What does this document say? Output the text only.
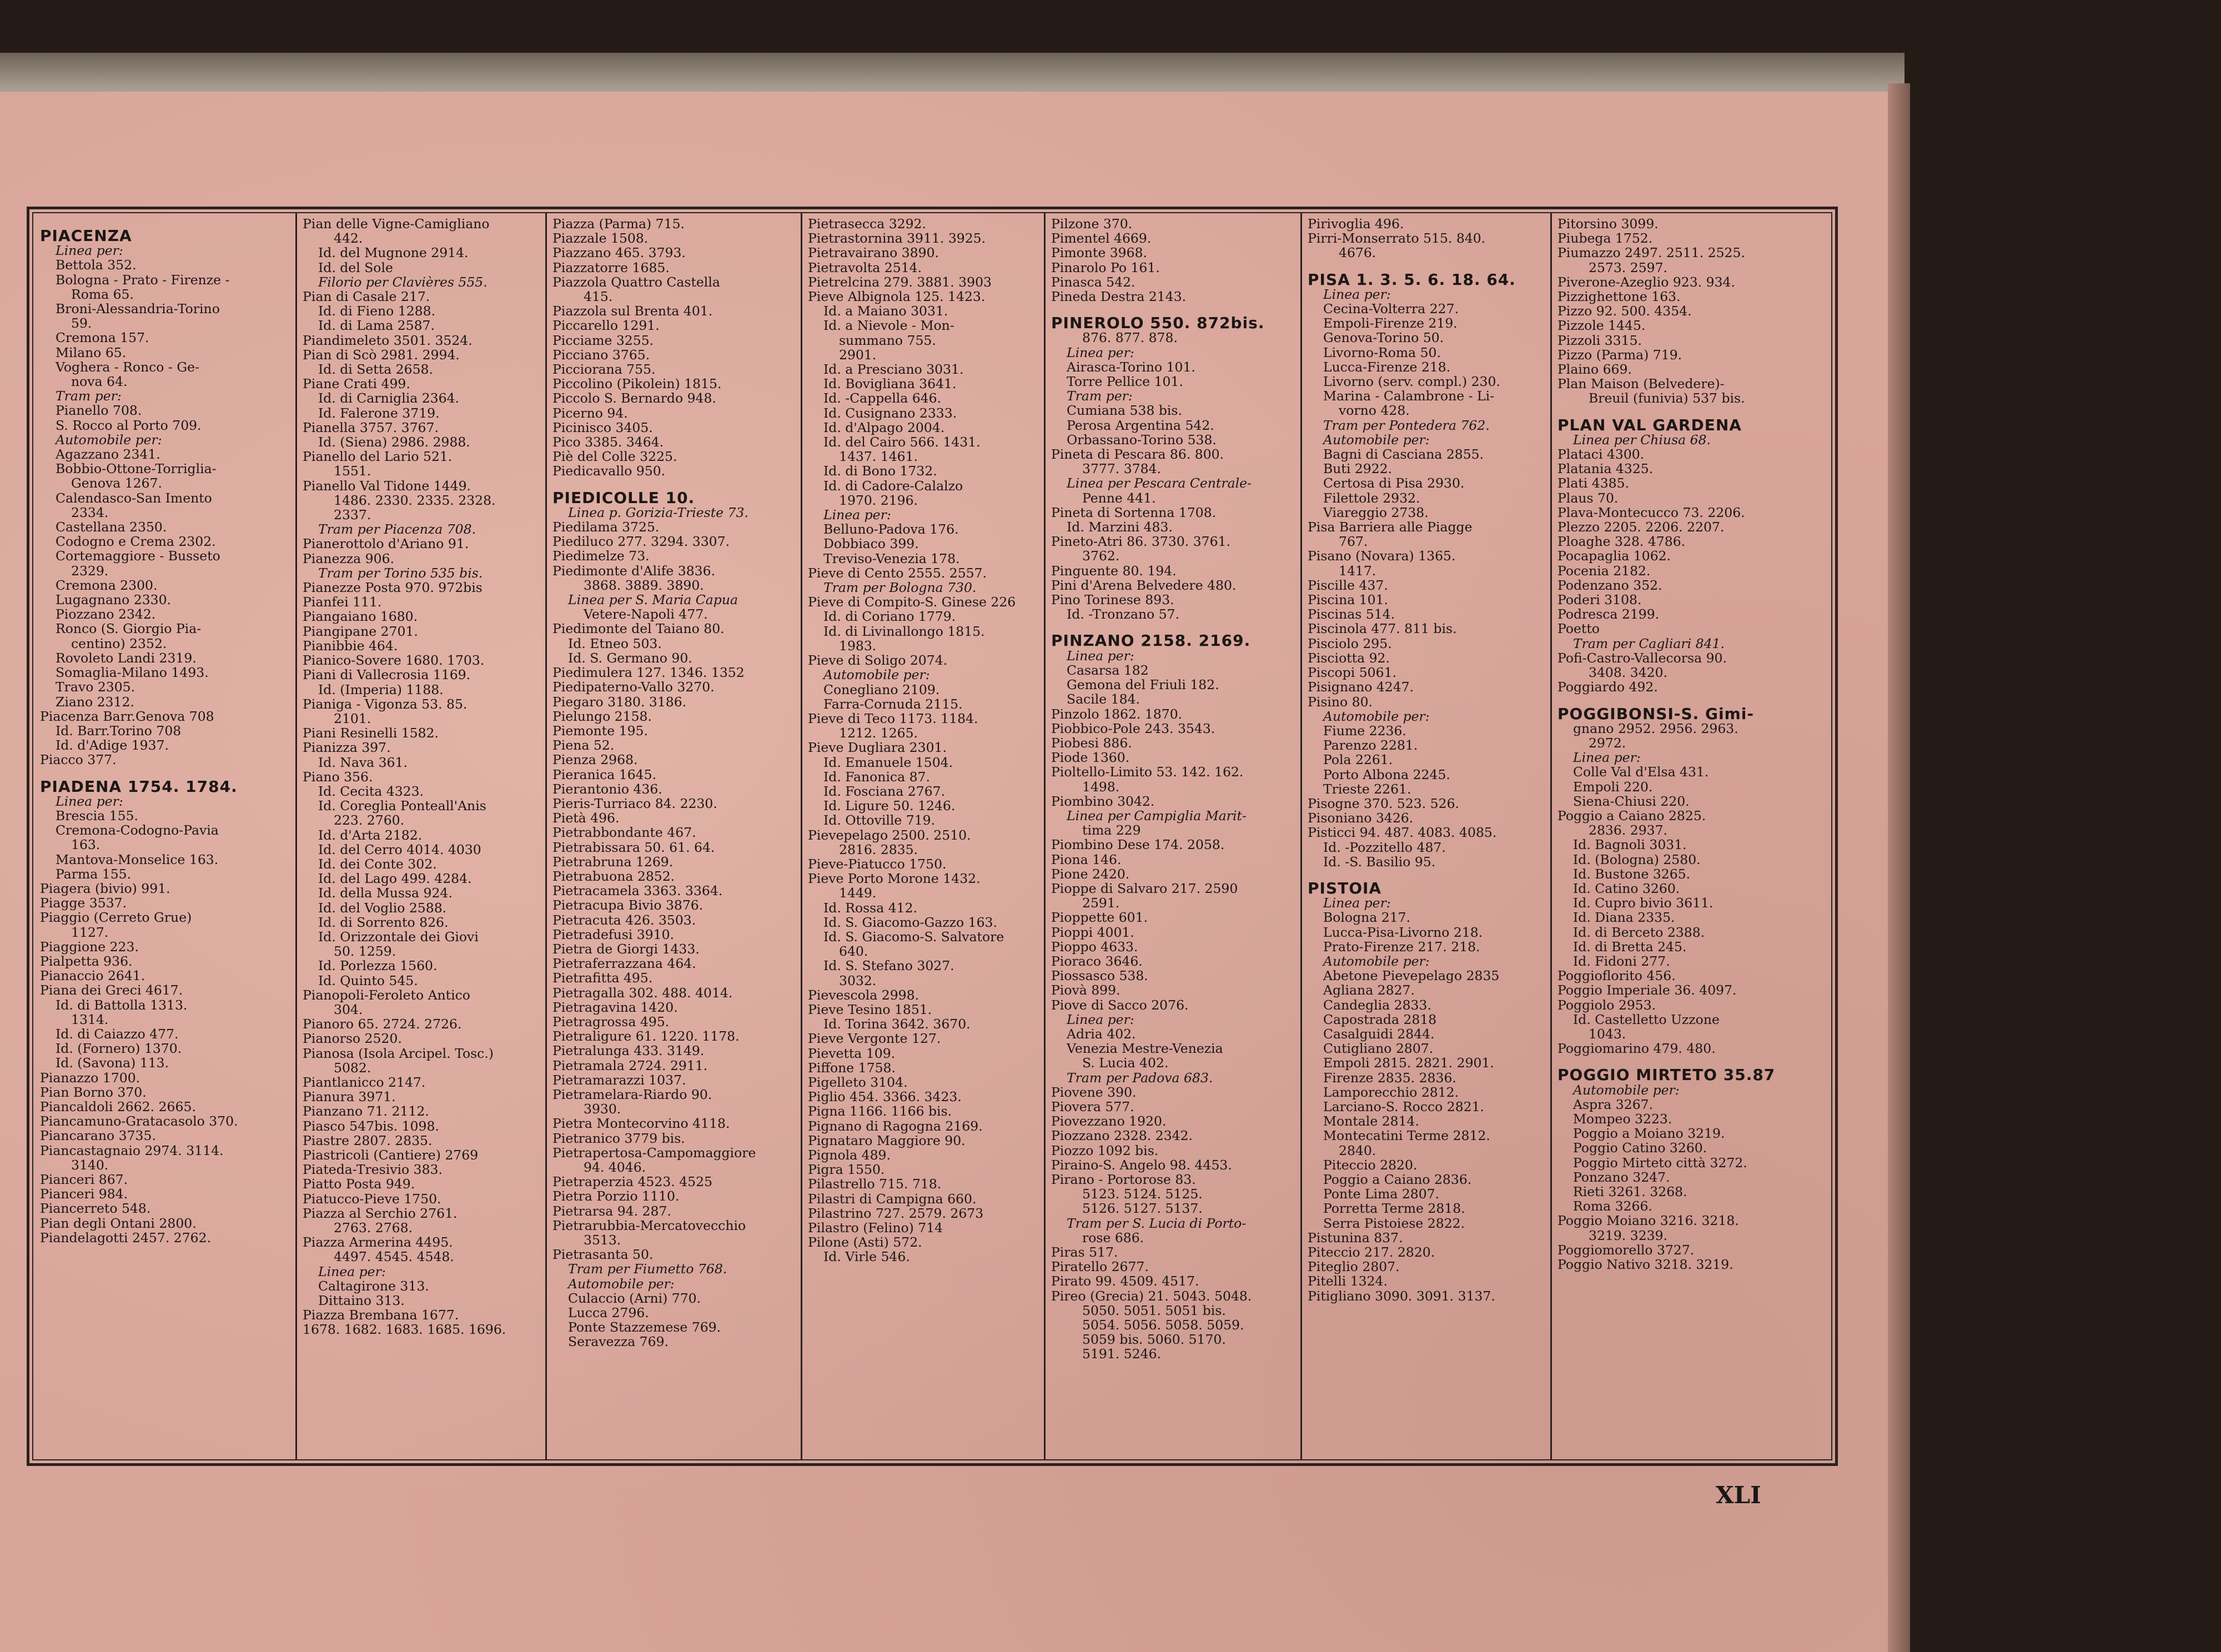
PIACENZA
Linea per:
Bettola 352.
Bologna - Prato - Firenze -
Roma 65.
Broni-Alessandria-Torino
59.
Cremona 157.
Milano 65.
Voghera - Ronco - Ge-
nova 64.
Tram per:
Pianello 708.
S. Rocco al Porto 709.
Automobile per:
Agazzano 2341.
Bobbio-Ottone-Torriglia-
Genova 1267.
Calendasco-San Imento
2334.
Castellana 2350.
Codogno e Crema 2302.
Cortemaggiore - Busseto
2329.
Cremona 2300.
Lugagnano 2330.
Piozzano 2342.
Ronco (S. Giorgio Pia-
centino) 2352.
Rovoleto Landi 2319.
Somaglia-Milano 1493.
Travo 2305.
Ziano 2312.
Piacenza Barr.Genova 708
Id. Barr.Torino 708
Id. d'Adige 1937.
Piacco 377.
PIADENA 1754. 1784.
Linea per:
Brescia 155.
Cremona-Codogno-Pavia
163.
Mantova-Monselice 163.
Parma 155.
Piagera (bivio) 991.
Piagge 3537.
Piaggio (Cerreto Grue)
1127.
Piaggione 223.
Pialpetta 936.
Pianaccio 2641.
Piana dei Greci 4617.
Id. di Battolla 1313.
1314.
Id. di Caiazzo 477.
Id. (Fornero) 1370.
Id. (Savona) 113.
Pianazzo 1700.
Pian Borno 370.
Piancaldoli 2662. 2665.
Piancamuno-Gratacasolo 370.
Piancarano 3735.
Piancastagnaio 2974. 3114.
3140.
Pianceri 867.
Pianceri 984.
Piancerreto 548.
Pian degli Ontani 2800.
Piandelagotti 2457. 2762.
Pian delle Vigne-Camigliano
442.
Id. del Mugnone 2914.
Id. del Sole
Filorio per Clavières 555.
Pian di Casale 217.
Id. di Fieno 1288.
Id. di Lama 2587.
Piandimeleto 3501. 3524.
Pian di Scò 2981. 2994.
Id. di Setta 2658.
Piane Crati 499.
Id. di Carniglia 2364.
Id. Falerone 3719.
Pianella 3757. 3767.
Id. (Siena) 2986. 2988.
Pianello del Lario 521.
1551.
Pianello Val Tidone 1449.
1486. 2330. 2335. 2328.
2337.
Tram per Piacenza 708.
Pianerottolo d'Ariano 91.
Pianezza 906.
Tram per Torino 535 bis.
Pianezze Posta 970. 972bis
Pianfei 111.
Piangaiano 1680.
Piangipane 2701.
Pianibbie 464.
Pianico-Sovere 1680. 1703.
Piani di Vallecrosia 1169.
Id. (Imperia) 1188.
Pianiga - Vigonza 53. 85.
2101.
Piani Resinelli 1582.
Pianizza 397.
Id. Nava 361.
Piano 356.
Id. Cecita 4323.
Id. Coreglia Ponteall'Anis
223. 2760.
Id. d'Arta 2182.
Id. del Cerro 4014. 4030
Id. dei Conte 302.
Id. del Lago 499. 4284.
Id. della Mussa 924.
Id. del Voglio 2588.
Id. di Sorrento 826.
Id. Orizzontale dei Giovi
50. 1259.
Id. Porlezza 1560.
Id. Quinto 545.
Pianopoli-Feroleto Antico
304.
Pianoro 65. 2724. 2726.
Pianorso 2520.
Pianosa (Isola Arcipel. Tosc.)
5082.
Piantlanicco 2147.
Pianura 3971.
Pianzano 71. 2112.
Piasco 547bis. 1098.
Piastre 2807. 2835.
Piastricoli (Cantiere) 2769
Piateda-Tresivio 383.
Piatto Posta 949.
Piatucco-Pieve 1750.
Piazza al Serchio 2761.
2763. 2768.
Piazza Armerina 4495.
4497. 4545. 4548.
Linea per:
Caltagirone 313.
Dittaino 313.
Piazza Brembana 1677.
1678. 1682. 1683. 1685. 1696.
Piazza (Parma) 715.
Piazzale 1508.
Piazzano 465. 3793.
Piazzatorre 1685.
Piazzola Quattro Castella
415.
Piazzola sul Brenta 401.
Piccarello 1291.
Picciame 3255.
Picciano 3765.
Picciorana 755.
Piccolino (Pikolein) 1815.
Piccolo S. Bernardo 948.
Picerno 94.
Picinisco 3405.
Pico 3385. 3464.
Piè del Colle 3225.
Piedicavallo 950.
PIEDICOLLE 10.
Linea p. Gorizia-Trieste 73.
Piedilama 3725.
Piediluco 277. 3294. 3307.
Piedimelze 73.
Piedimonte d'Alife 3836.
3868. 3889. 3890.
Linea per S. Maria Capua
Vetere-Napoli 477.
Piedimonte del Taiano 80.
Id. Etneo 503.
Id. S. Germano 90.
Piedimulera 127. 1346. 1352
Piedipaterno-Vallo 3270.
Piegaro 3180. 3186.
Pielungo 2158.
Piemonte 195.
Piena 52.
Pienza 2968.
Pieranica 1645.
Pierantonio 436.
Pieris-Turriaco 84. 2230.
Pietà 496.
Pietrabbondante 467.
Pietrabissara 50. 61. 64.
Pietrabruna 1269.
Pietrabuona 2852.
Pietracamela 3363. 3364.
Pietracupa Bivio 3876.
Pietracuta 426. 3503.
Pietradefusi 3910.
Pietra de Giorgi 1433.
Pietraferrazzana 464.
Pietrafitta 495.
Pietragalla 302. 488. 4014.
Pietragavina 1420.
Pietragrossa 495.
Pietraligure 61. 1220. 1178.
Pietralunga 433. 3149.
Pietramala 2724. 2911.
Pietramarazzi 1037.
Pietramelara-Riardo 90.
3930.
Pietra Montecorvino 4118.
Pietranico 3779 bis.
Pietrapertosa-Campomaggiore
94. 4046.
Pietraperzia 4523. 4525
Pietra Porzio 1110.
Pietrarsa 94. 287.
Pietrarubbia-Mercatovecchio
3513.
Pietrasanta 50.
Tram per Fiumetto 768.
Automobile per:
Culaccio (Arni) 770.
Lucca 2796.
Ponte Stazzemese 769.
Seravezza 769.
Pietrasecca 3292.
Pietrastornina 3911. 3925.
Pietravairano 3890.
Pietravolta 2514.
Pietrelcina 279. 3881. 3903
Pieve Albignola 125. 1423.
Id. a Maiano 3031.
Id. a Nievole - Mon-
summano 755.
2901.
Id. a Presciano 3031.
Id. Bovigliana 3641.
Id. -Cappella 646.
Id. Cusignano 2333.
Id. d'Alpago 2004.
Id. del Cairo 566. 1431.
1437. 1461.
Id. di Bono 1732.
Id. di Cadore-Calalzo
1970. 2196.
Linea per:
Belluno-Padova 176.
Dobbiaco 399.
Treviso-Venezia 178.
Pieve di Cento 2555. 2557.
Tram per Bologna 730.
Pieve di Compito-S. Ginese 226
Id. di Coriano 1779.
Id. di Livinallongo 1815.
1983.
Pieve di Soligo 2074.
Automobile per:
Conegliano 2109.
Farra-Cornuda 2115.
Pieve di Teco 1173. 1184.
1212. 1265.
Pieve Dugliara 2301.
Id. Emanuele 1504.
Id. Fanonica 87.
Id. Fosciana 2767.
Id. Ligure 50. 1246.
Id. Ottoville 719.
Pievepelago 2500. 2510.
2816. 2835.
Pieve-Piatucco 1750.
Pieve Porto Morone 1432.
1449.
Id. Rossa 412.
Id. S. Giacomo-Gazzo 163.
Id. S. Giacomo-S. Salvatore
640.
Id. S. Stefano 3027.
3032.
Pievescola 2998.
Pieve Tesino 1851.
Id. Torina 3642. 3670.
Pieve Vergonte 127.
Pievetta 109.
Piffone 1758.
Pigelleto 3104.
Piglio 454. 3366. 3423.
Pigna 1166. 1166 bis.
Pignano di Ragogna 2169.
Pignataro Maggiore 90.
Pignola 489.
Pigra 1550.
Pilastrello 715. 718.
Pilastri di Campigna 660.
Pilastrino 727. 2579. 2673
Pilastro (Felino) 714
Pilone (Asti) 572.
Id. Virle 546.
Pilzone 370.
Pimentel 4669.
Pimonte 3968.
Pinarolo Po 161.
Pinasca 542.
Pineda Destra 2143.
PINEROLO 550. 872bis.
876. 877. 878.
Linea per:
Airasca-Torino 101.
Torre Pellice 101.
Tram per:
Cumiana 538 bis.
Perosa Argentina 542.
Orbassano-Torino 538.
Pineta di Pescara 86. 800.
3777. 3784.
Linea per Pescara Centrale-
Penne 441.
Pineta di Sortenna 1708.
Id. Marzini 483.
Pineto-Atri 86. 3730. 3761.
3762.
Pinguente 80. 194.
Pini d'Arena Belvedere 480.
Pino Torinese 893.
Id. -Tronzano 57.
PINZANO 2158. 2169.
Linea per:
Casarsa 182
Gemona del Friuli 182.
Sacile 184.
Pinzolo 1862. 1870.
Piobbico-Pole 243. 3543.
Piobesi 886.
Piode 1360.
Pioltello-Limito 53. 142. 162.
1498.
Piombino 3042.
Linea per Campiglia Marit-
tima 229
Piombino Dese 174. 2058.
Piona 146.
Pione 2420.
Pioppe di Salvaro 217. 2590
2591.
Pioppette 601.
Pioppi 4001.
Pioppo 4633.
Pioraco 3646.
Piossasco 538.
Piovà 899.
Piove di Sacco 2076.
Linea per:
Adria 402.
Venezia Mestre-Venezia
S. Lucia 402.
Tram per Padova 683.
Piovene 390.
Piovera 577.
Piovezzano 1920.
Piozzano 2328. 2342.
Piozzo 1092 bis.
Piraino-S. Angelo 98. 4453.
Pirano - Portorose 83.
5123. 5124. 5125.
5126. 5127. 5137.
Tram per S. Lucia di Porto-
rose 686.
Piras 517.
Piratello 2677.
Pirato 99. 4509. 4517.
Pireo (Grecia) 21. 5043. 5048.
5050. 5051. 5051 bis.
5054. 5056. 5058. 5059.
5059 bis. 5060. 5170.
5191. 5246.
Pirivoglia 496.
Pirri-Monserrato 515. 840.
4676.
PISA 1. 3. 5. 6. 18. 64.
Linea per:
Cecina-Volterra 227.
Empoli-Firenze 219.
Genova-Torino 50.
Livorno-Roma 50.
Lucca-Firenze 218.
Livorno (serv. compl.) 230.
Marina - Calambrone - Li-
vorno 428.
Tram per Pontedera 762.
Automobile per:
Bagni di Casciana 2855.
Buti 2922.
Certosa di Pisa 2930.
Filettole 2932.
Viareggio 2738.
Pisa Barriera alle Piagge
767.
Pisano (Novara) 1365.
1417.
Piscille 437.
Piscina 101.
Piscinas 514.
Piscinola 477. 811 bis.
Pisciolo 295.
Pisciotta 92.
Piscopi 5061.
Pisignano 4247.
Pisino 80.
Automobile per:
Fiume 2236.
Parenzo 2281.
Pola 2261.
Porto Albona 2245.
Trieste 2261.
Pisogne 370. 523. 526.
Pisoniano 3426.
Pisticci 94. 487. 4083. 4085.
Id. -Pozzitello 487.
Id. -S. Basilio 95.
PISTOIA
Linea per:
Bologna 217.
Lucca-Pisa-Livorno 218.
Prato-Firenze 217. 218.
Automobile per:
Abetone Pievepelago 2835
Agliana 2827.
Candeglia 2833.
Capostrada 2818
Casalguidi 2844.
Cutigliano 2807.
Empoli 2815. 2821. 2901.
Firenze 2835. 2836.
Lamporecchio 2812.
Larciano-S. Rocco 2821.
Montale 2814.
Montecatini Terme 2812.
2840.
Piteccio 2820.
Poggio a Caiano 2836.
Ponte Lima 2807.
Porretta Terme 2818.
Serra Pistoiese 2822.
Pistunina 837.
Piteccio 217. 2820.
Piteglio 2807.
Pitelli 1324.
Pitigliano 3090. 3091. 3137.
Pitorsino 3099.
Piubega 1752.
Piumazzo 2497. 2511. 2525.
2573. 2597.
Piverone-Azeglio 923. 934.
Pizzighettone 163.
Pizzo 92. 500. 4354.
Pizzole 1445.
Pizzoli 3315.
Pizzo (Parma) 719.
Plaino 669.
Plan Maison (Belvedere)-
Breuil (funivia) 537 bis.
PLAN VAL GARDENA
Linea per Chiusa 68.
Plataci 4300.
Platania 4325.
Plati 4385.
Plaus 70.
Plava-Montecucco 73. 2206.
Plezzo 2205. 2206. 2207.
Ploaghe 328. 4786.
Pocapaglia 1062.
Pocenia 2182.
Podenzano 352.
Poderi 3108.
Podresca 2199.
Poetto
Tram per Cagliari 841.
Pofi-Castro-Vallecorsa 90.
3408. 3420.
Poggiardo 492.
POGGIBONSI-S. Gimi-
gnano 2952. 2956. 2963.
2972.
Linea per:
Colle Val d'Elsa 431.
Empoli 220.
Siena-Chiusi 220.
Poggio a Caiano 2825.
2836. 2937.
Id. Bagnoli 3031.
Id. (Bologna) 2580.
Id. Bustone 3265.
Id. Catino 3260.
Id. Cupro bivio 3611.
Id. Diana 2335.
Id. di Berceto 2388.
Id. di Bretta 245.
Id. Fidoni 277.
Poggioflorito 456.
Poggio Imperiale 36. 4097.
Poggiolo 2953.
Id. Castelletto Uzzone
1043.
Poggiomarino 479. 480.
POGGIO MIRTETO 35.87
Automobile per:
Aspra 3267.
Mompeo 3223.
Poggio a Moiano 3219.
Poggio Catino 3260.
Poggio Mirteto città 3272.
Ponzano 3247.
Rieti 3261. 3268.
Roma 3266.
Poggio Moiano 3216. 3218.
3219. 3239.
Poggiomorello 3727.
Poggio Nativo 3218. 3219.
XLI
